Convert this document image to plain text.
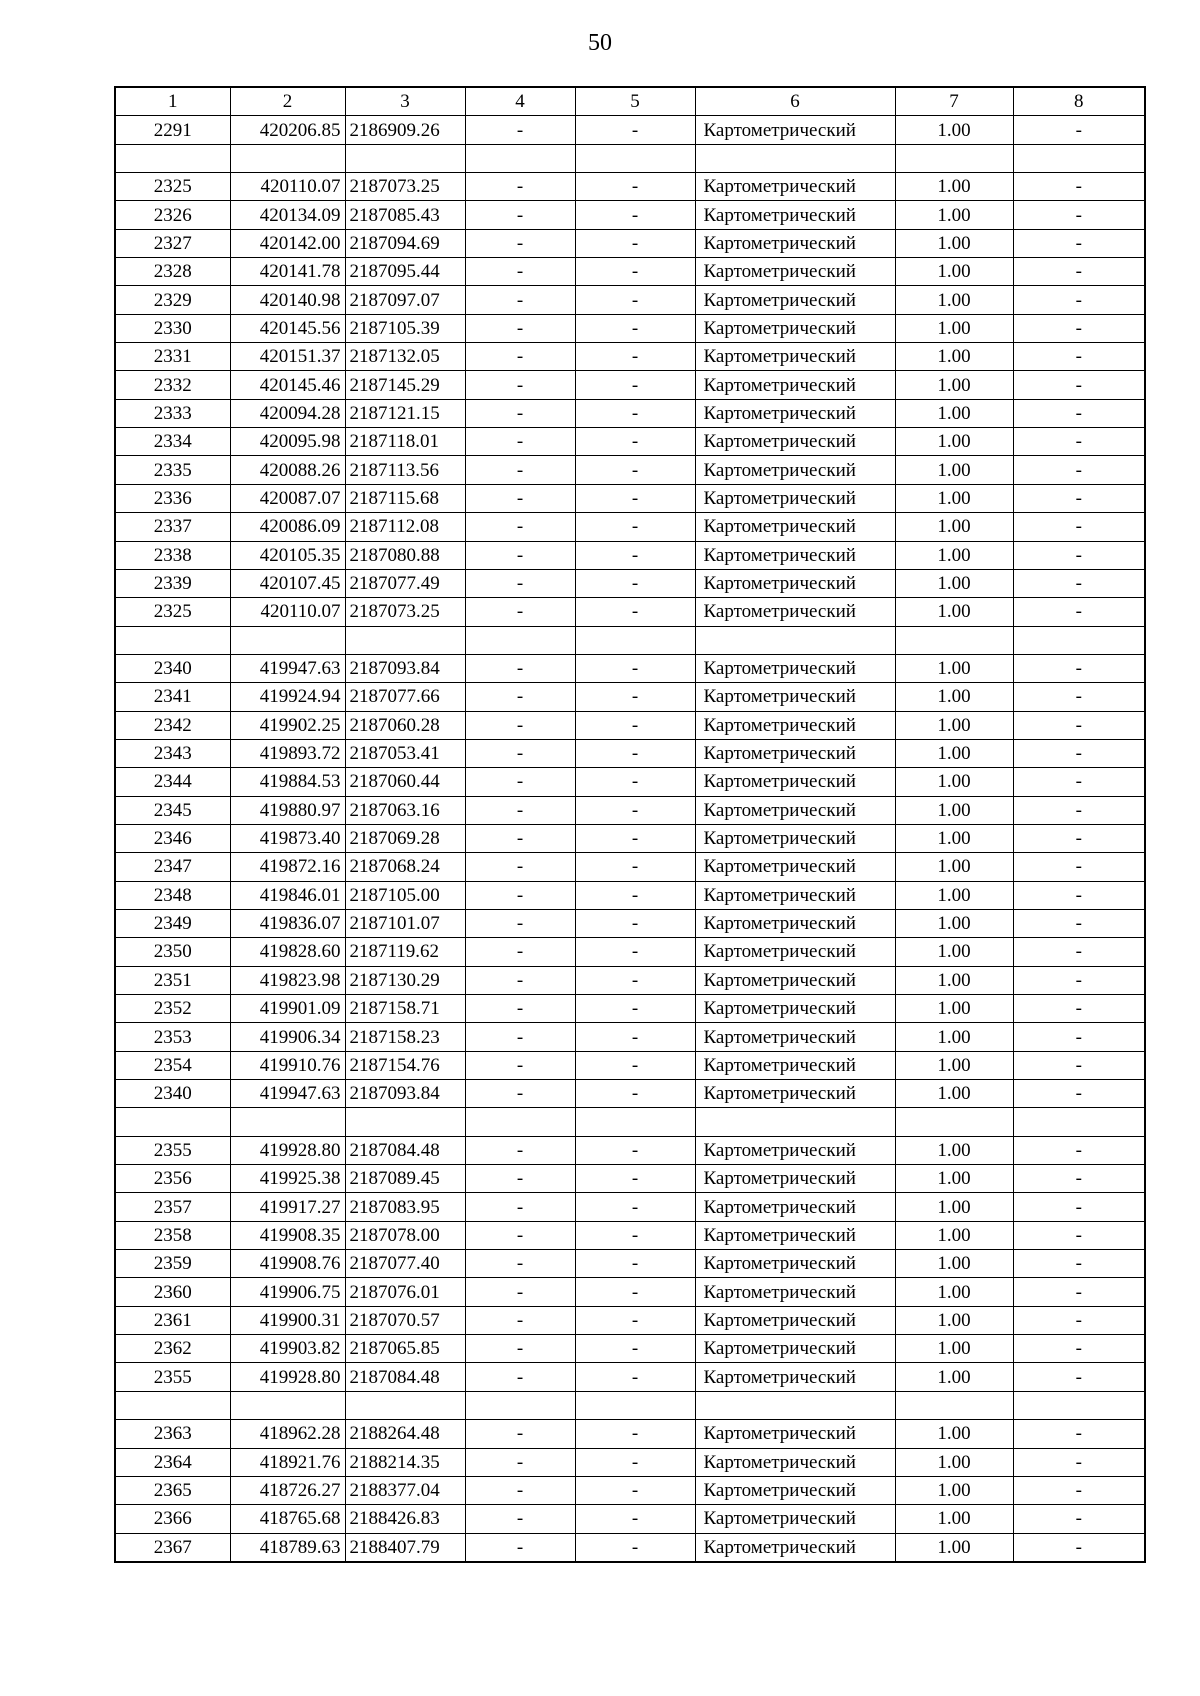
50
1	2	3	4	5	6	7	8
2291	420206.85	2186909.26	-	-	Картометрический	1.00	-

2325	420110.07	2187073.25	-	-	Картометрический	1.00	-
2326	420134.09	2187085.43	-	-	Картометрический	1.00	-
2327	420142.00	2187094.69	-	-	Картометрический	1.00	-
2328	420141.78	2187095.44	-	-	Картометрический	1.00	-
2329	420140.98	2187097.07	-	-	Картометрический	1.00	-
2330	420145.56	2187105.39	-	-	Картометрический	1.00	-
2331	420151.37	2187132.05	-	-	Картометрический	1.00	-
2332	420145.46	2187145.29	-	-	Картометрический	1.00	-
2333	420094.28	2187121.15	-	-	Картометрический	1.00	-
2334	420095.98	2187118.01	-	-	Картометрический	1.00	-
2335	420088.26	2187113.56	-	-	Картометрический	1.00	-
2336	420087.07	2187115.68	-	-	Картометрический	1.00	-
2337	420086.09	2187112.08	-	-	Картометрический	1.00	-
2338	420105.35	2187080.88	-	-	Картометрический	1.00	-
2339	420107.45	2187077.49	-	-	Картометрический	1.00	-
2325	420110.07	2187073.25	-	-	Картометрический	1.00	-

2340	419947.63	2187093.84	-	-	Картометрический	1.00	-
2341	419924.94	2187077.66	-	-	Картометрический	1.00	-
2342	419902.25	2187060.28	-	-	Картометрический	1.00	-
2343	419893.72	2187053.41	-	-	Картометрический	1.00	-
2344	419884.53	2187060.44	-	-	Картометрический	1.00	-
2345	419880.97	2187063.16	-	-	Картометрический	1.00	-
2346	419873.40	2187069.28	-	-	Картометрический	1.00	-
2347	419872.16	2187068.24	-	-	Картометрический	1.00	-
2348	419846.01	2187105.00	-	-	Картометрический	1.00	-
2349	419836.07	2187101.07	-	-	Картометрический	1.00	-
2350	419828.60	2187119.62	-	-	Картометрический	1.00	-
2351	419823.98	2187130.29	-	-	Картометрический	1.00	-
2352	419901.09	2187158.71	-	-	Картометрический	1.00	-
2353	419906.34	2187158.23	-	-	Картометрический	1.00	-
2354	419910.76	2187154.76	-	-	Картометрический	1.00	-
2340	419947.63	2187093.84	-	-	Картометрический	1.00	-

2355	419928.80	2187084.48	-	-	Картометрический	1.00	-
2356	419925.38	2187089.45	-	-	Картометрический	1.00	-
2357	419917.27	2187083.95	-	-	Картометрический	1.00	-
2358	419908.35	2187078.00	-	-	Картометрический	1.00	-
2359	419908.76	2187077.40	-	-	Картометрический	1.00	-
2360	419906.75	2187076.01	-	-	Картометрический	1.00	-
2361	419900.31	2187070.57	-	-	Картометрический	1.00	-
2362	419903.82	2187065.85	-	-	Картометрический	1.00	-
2355	419928.80	2187084.48	-	-	Картометрический	1.00	-

2363	418962.28	2188264.48	-	-	Картометрический	1.00	-
2364	418921.76	2188214.35	-	-	Картометрический	1.00	-
2365	418726.27	2188377.04	-	-	Картометрический	1.00	-
2366	418765.68	2188426.83	-	-	Картометрический	1.00	-
2367	418789.63	2188407.79	-	-	Картометрический	1.00	-
